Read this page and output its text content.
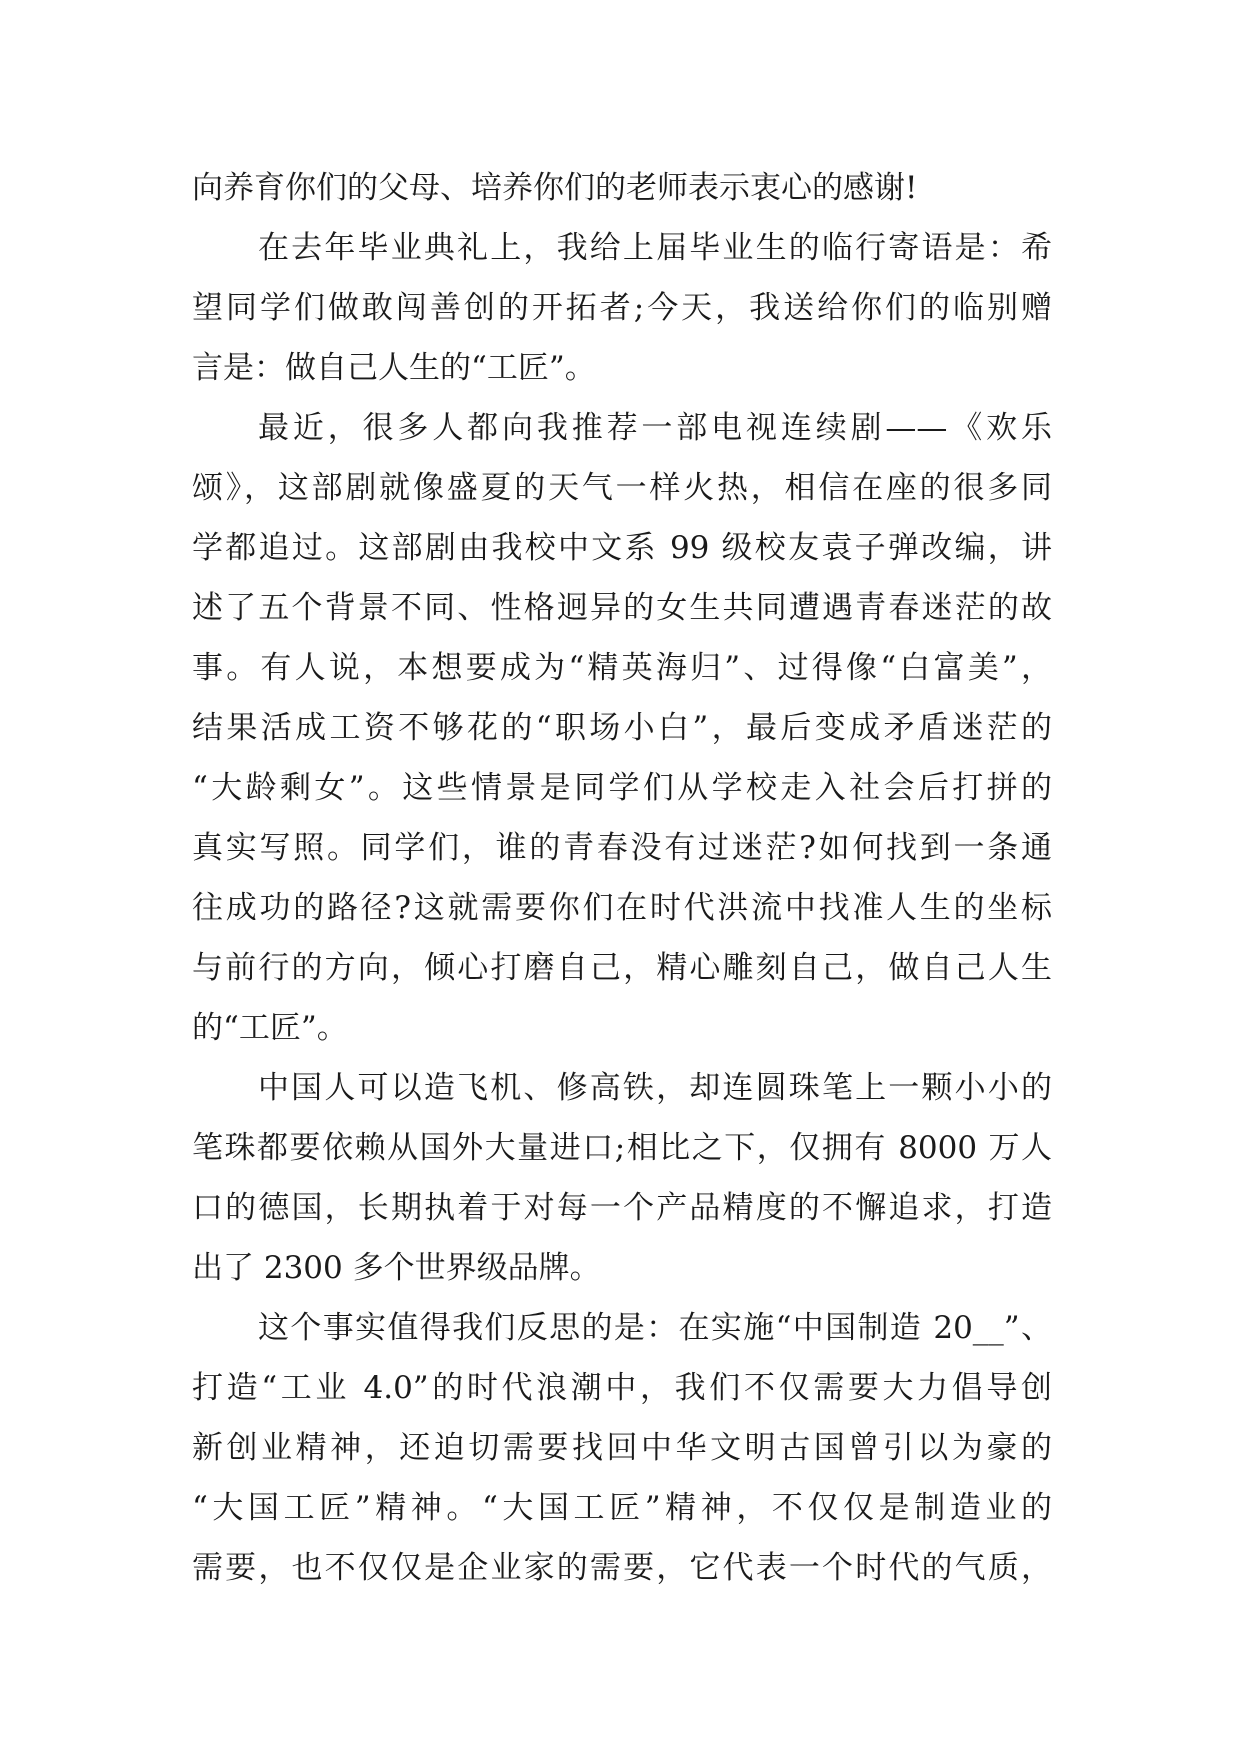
向养育你们的父母、培养你们的老师表示衷心的感谢!
在去年毕业典礼上，我给上届毕业生的临行寄语是：希
望同学们做敢闯善创的开拓者;今天，我送给你们的临别赠
言是：做自己人生的“工匠”。
最近，很多人都向我推荐一部电视连续剧——《欢乐
颂》，这部剧就像盛夏的天气一样火热，相信在座的很多同
学都追过。这部剧由我校中文系 99 级校友袁子弹改编，讲
述了五个背景不同、性格迥异的女生共同遭遇青春迷茫的故
事。有人说，本想要成为“精英海归”、过得像“白富美”，
结果活成工资不够花的“职场小白”，最后变成矛盾迷茫的
“大龄剩女”。这些情景是同学们从学校走入社会后打拼的
真实写照。同学们，谁的青春没有过迷茫?如何找到一条通
往成功的路径?这就需要你们在时代洪流中找准人生的坐标
与前行的方向，倾心打磨自己，精心雕刻自己，做自己人生
的“工匠”。
中国人可以造飞机、修高铁，却连圆珠笔上一颗小小的
笔珠都要依赖从国外大量进口;相比之下，仅拥有 8000 万人
口的德国，长期执着于对每一个产品精度的不懈追求，打造
出了 2300 多个世界级品牌。
这个事实值得我们反思的是：在实施“中国制造 20__”、
打造“工业 4.0”的时代浪潮中，我们不仅需要大力倡导创
新创业精神，还迫切需要找回中华文明古国曾引以为豪的
“大国工匠”精神。“大国工匠”精神，不仅仅是制造业的
需要，也不仅仅是企业家的需要，它代表一个时代的气质，
